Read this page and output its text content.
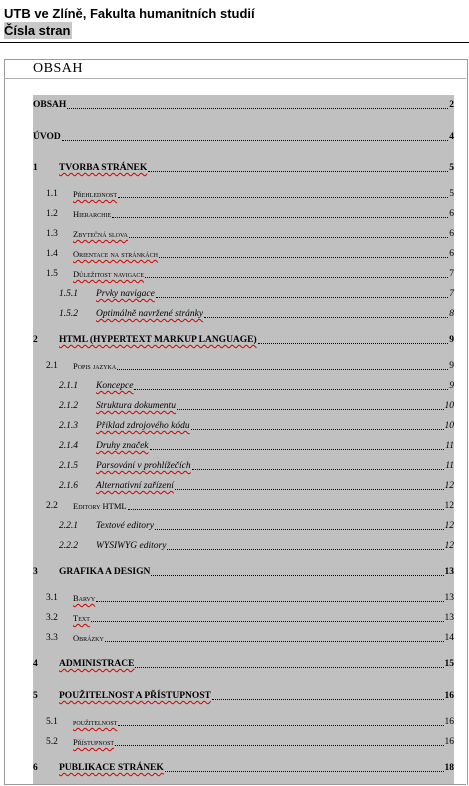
UTB ve Zlíně, Fakulta humanitních studií
Čísla stran
OBSAH
OBSAH	2
ÚVOD	4
1	TVORBA STRÁNEK	5
1.1	Přehlednost	5
1.2	Hierarchie	6
1.3	Zbytečná slova	6
1.4	Orientace na stránkách	6
1.5	Důležitost navigace	7
1.5.1	Prvky navigace	7
1.5.2	Optimálně navržené stránky	8
2	HTML (HYPERTEXT MARKUP LANGUAGE)	9
2.1	Popis jazyka	9
2.1.1	Koncepce	9
2.1.2	Struktura dokumentu	10
2.1.3	Příklad zdrojového kódu	10
2.1.4	Druhy značek	11
2.1.5	Parsování v prohlížečích	11
2.1.6	Alternativní zařízení	12
2.2	Editory HTML	12
2.2.1	Textové editory	12
2.2.2	WYSIWYG editory	12
3	GRAFIKA A DESIGN	13
3.1	Barvy	13
3.2	Text	13
3.3	Obrázky	14
4	ADMINISTRACE	15
5	POUŽITELNOST A PŘÍSTUPNOST	16
5.1	použitelnost	16
5.2	Přístupnost	16
6	PUBLIKACE STRÁNEK	18
